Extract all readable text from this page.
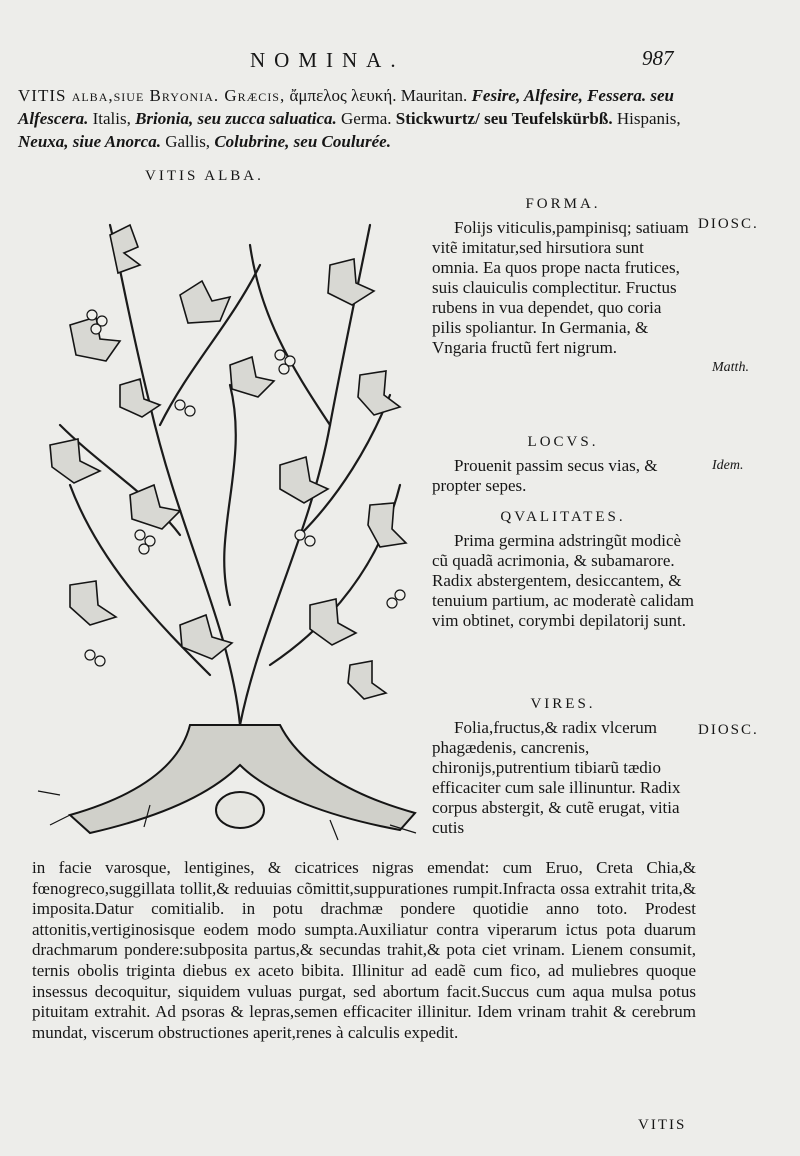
NOMINA.	987
VITIS alba,siue Bryonia. Græcis, ἄμπελος λευκή. Mauritan. Fesire, Alfesire, Fessera. seu Alfescera. Italis, Brionia, seu zucca saluatica. Germa. Stickwurtz/ seu Teufelskürbß. Hispanis, Neuxa, siue Anorca. Gallis, Colubrine, seu Coulurée.
VITIS ALBA.
FORMA.

Folijs viticulis,pampinisq; satiuam vitẽ imitatur,sed hirsutiora sunt omnia. Ea quos prope nacta frutices, suis clauiculis complectitur. Fructus rubens in vua dependet, quo coria pilis spoliantur. In Germania, & Vngaria fructũ fert nigrum.

LOCVS.

Prouenit passim secus vias, & propter sepes.

QVALITATES.

Prima germina adstringũt modicè cũ quadã acrimonia, & subamarore. Radix abstergentem, desiccantem, & tenuium partium, ac moderatè calidam vim obtinet, corymbi depilatorij sunt.

VIRES.

Folia,fructus,& radix vlcerum phagædenis, cancrenis, chironijs,putrentium tibiarũ tædio efficaciter cum sale illinuntur. Radix corpus abstergit, & cutẽ erugat, vitia cutis

DIOSC.
Matth.
Idem.
DIOSC.
in facie varosque, lentigines, & cicatrices nigras emendat: cum Eruo, Creta Chia,& fœnogreco,suggillata tollit,& reduuias cõmittit,suppurationes rumpit.Infracta ossa extrahit trita,& imposita.Datur comitialib. in potu drachmæ pondere quotidie anno toto. Prodest attonitis,vertiginosisque eodem modo sumpta.Auxiliatur contra viperarum ictus pota duarum drachmarum pondere:subposita partus,& secundas trahit,& pota ciet vrinam. Lienem consumit, ternis obolis triginta diebus ex aceto bibita. Illinitur ad eadẽ cum fico, ad muliebres quoque insessus decoquitur, siquidem vuluas purgat, sed abortum facit.Succus cum aqua mulsa potus pituitam extrahit. Ad psoras & lepras,semen efficaciter illinitur. Idem vrinam trahit & cerebrum mundat, viscerum obstructiones aperit,renes à calculis expedit.
VITIS
